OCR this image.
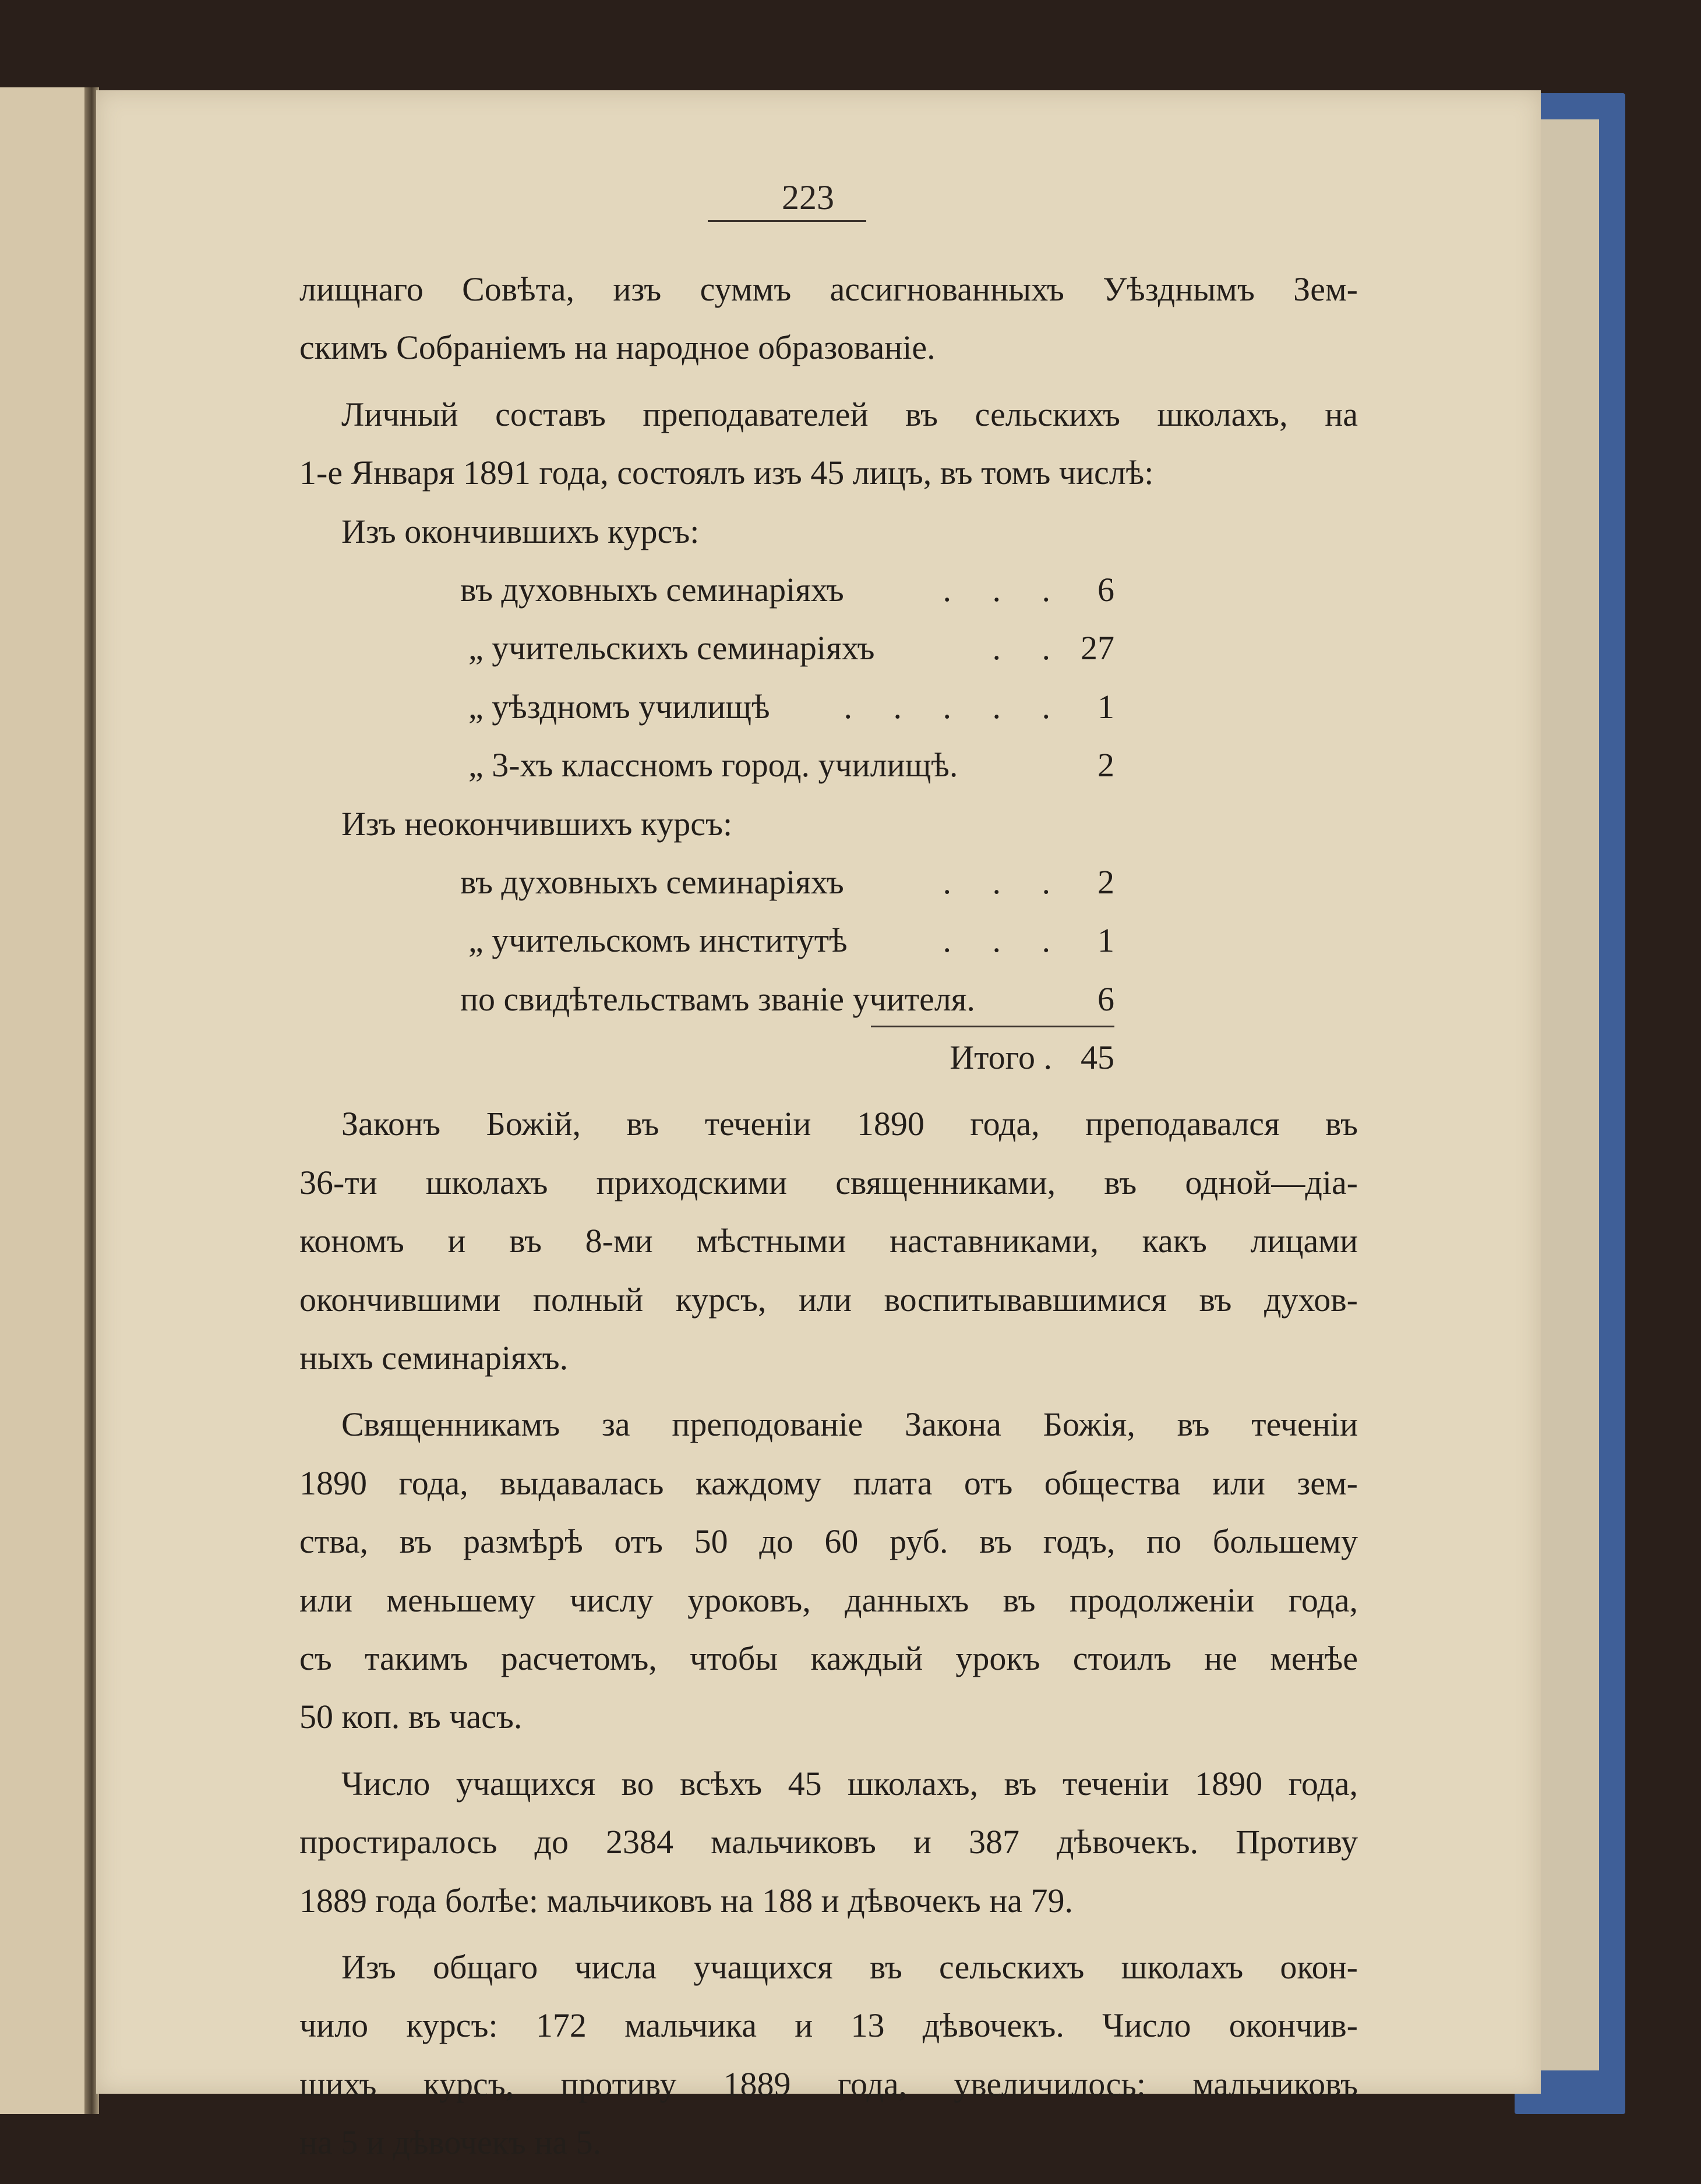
223
лищнаго Совѣта, изъ суммъ ассигнованныхъ Уѣзднымъ Зем-
скимъ Собраніемъ на народное образованіе.
Личный составъ преподавателей въ сельскихъ школахъ, на
1-е Января 1891 года, состоялъ изъ 45 лицъ, въ томъ числѣ:
Изъ окончившихъ курсъ:
въ духовныхъ семинаріяхъ	. . . 6
„ учительскихъ семинаріяхъ	. . 27
„ уѣздномъ училищѣ . . . . . 1
„ 3-хъ классномъ город. училищѣ.	2
Изъ неокончившихъ курсъ:
въ духовныхъ семинаріяхъ	. . . 2
„ учительскомъ институтѣ	. . . 1
по свидѣтельствамъ званіе учителя.	6
Итого . 45
Законъ Божій, въ теченіи 1890 года, преподавался въ
36-ти школахъ приходскими священниками, въ одной—діа-
кономъ и въ 8-ми мѣстными наставниками, какъ лицами
окончившими полный курсъ, или воспитывавшимися въ духов-
ныхъ семинаріяхъ.
Священникамъ за преподованіе Закона Божія, въ теченіи
1890 года, выдавалась каждому плата отъ общества или зем-
ства, въ размѣрѣ отъ 50 до 60 руб. въ годъ, по большему
или меньшему числу уроковъ, данныхъ въ продолженіи года,
съ такимъ расчетомъ, чтобы каждый урокъ стоилъ не менѣе
50 коп. въ часъ.
Число учащихся во всѣхъ 45 школахъ, въ теченіи 1890 года,
простиралось до 2384 мальчиковъ и 387 дѣвочекъ. Противу
1889 года болѣе: мальчиковъ на 188 и дѣвочекъ на 79.
Изъ общаго числа учащихся въ сельскихъ школахъ окон-
чило курсъ: 172 мальчика и 13 дѣвочекъ. Число окончив-
шихъ курсъ, противу 1889 года, увеличилось: мальчиковъ
на 5 и дѣвочекъ на 5.
